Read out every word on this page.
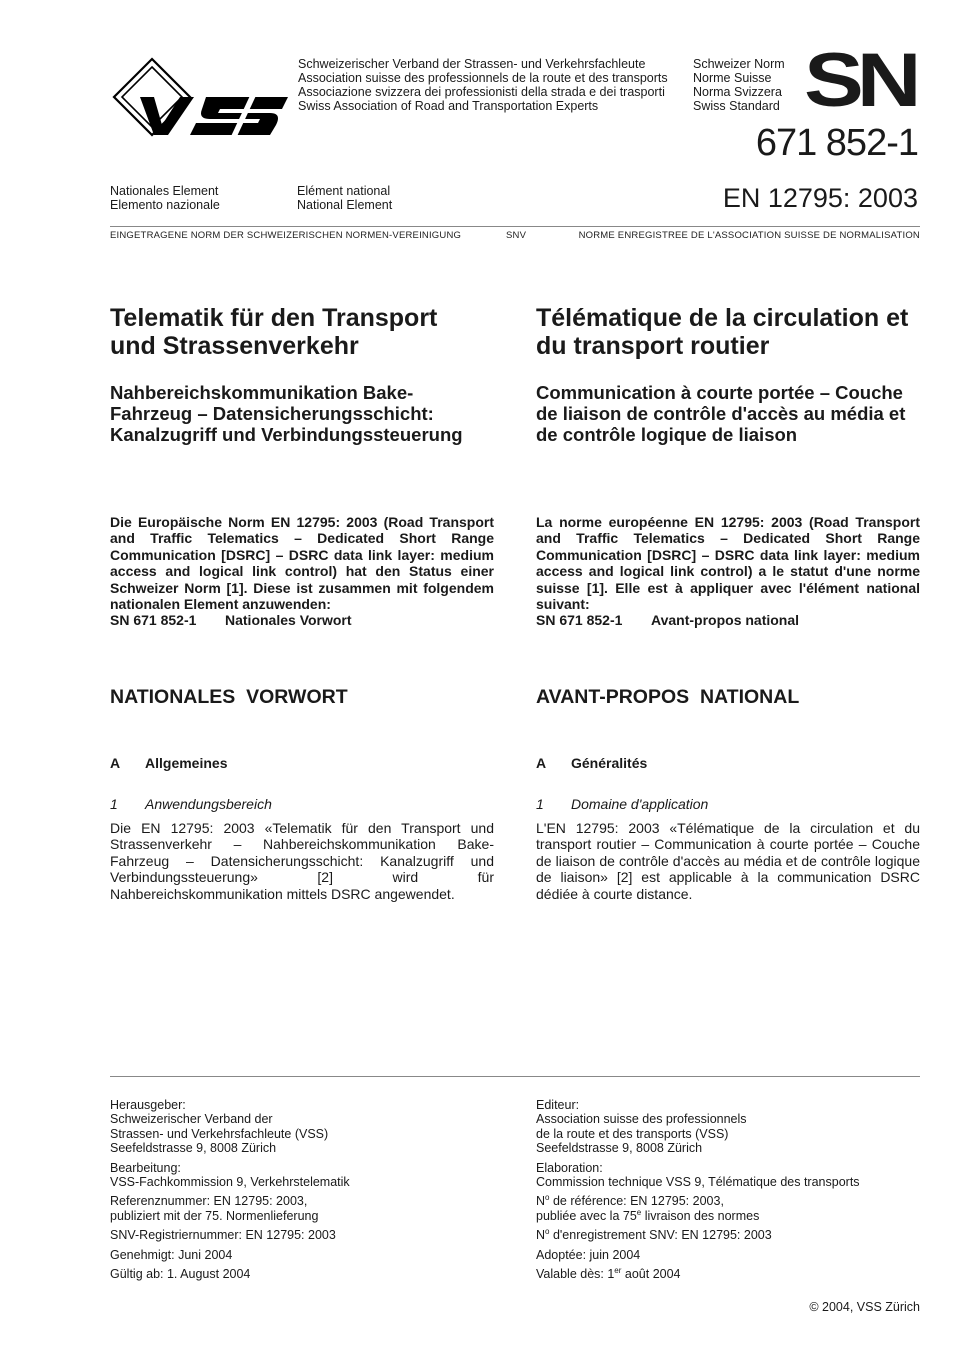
Schweizerischer Verband der Strassen- und Verkehrsfachleute
Association suisse des professionnels de la route et des transports
Associazione svizzera dei professionisti della strada e dei trasporti
Swiss Association of Road and Transportation Experts
Schweizer Norm
Norme Suisse
Norma Svizzera
Swiss Standard SN
671 852-1
Nationales Element
Elemento nazionale
Elément national
National Element	EN 12795: 2003
EINGETRAGENE NORM DER SCHWEIZERISCHEN NORMEN-VEREINIGUNG	SNV	NORME ENREGISTREE DE L'ASSOCIATION SUISSE DE NORMALISATION
Telematik für den Transport und Strassenverkehr
Nahbereichskommunikation Bake-Fahrzeug – Datensicherungsschicht: Kanalzugriff und Verbindungssteuerung
Die Europäische Norm EN 12795: 2003 (Road Transport and Traffic Telematics – Dedicated Short Range Communication [DSRC] – DSRC data link layer: medium access and logical link control) hat den Status einer Schweizer Norm [1]. Diese ist zusammen mit folgendem nationalen Element anzuwenden:
SN 671 852-1	Nationales Vorwort
NATIONALES  VORWORT
A	Allgemeines
1	Anwendungsbereich
Die EN 12795: 2003 «Telematik für den Transport und Strassenverkehr – Nahbereichskommunikation Bake-Fahrzeug – Datensicherungsschicht: Kanalzugriff und Verbindungssteuerung» [2] wird für Nahbereichskommunikation mittels DSRC angewendet.
Télématique de la circulation et du transport routier
Communication à courte portée – Couche de liaison de contrôle d'accès au média et de contrôle logique de liaison
La norme européenne EN 12795: 2003 (Road Transport and Traffic Telematics – Dedicated Short Range Communication [DSRC] – DSRC data link layer: medium access and logical link control) a le statut d'une norme suisse [1]. Elle est à appliquer avec l'élément national suivant:
SN 671 852-1	Avant-propos national
AVANT-PROPOS  NATIONAL
A	Généralités
1	Domaine d'application
L'EN 12795: 2003 «Télématique de la circulation et du transport routier – Communication à courte portée – Couche de liaison de contrôle d'accès au média et de contrôle logique de liaison» [2] est applicable à la communication DSRC dédiée à courte distance.
Herausgeber:
Schweizerischer Verband der
Strassen- und Verkehrsfachleute (VSS)
Seefeldstrasse 9, 8008 Zürich
Bearbeitung:
VSS-Fachkommission 9, Verkehrstelematik
Referenznummer: EN 12795: 2003,
publiziert mit der 75. Normenlieferung
SNV-Registriernummer: EN 12795: 2003
Genehmigt: Juni 2004
Gültig ab: 1. August 2004
Editeur:
Association suisse des professionnels
de la route et des transports (VSS)
Seefeldstrasse 9, 8008 Zürich
Elaboration:
Commission technique VSS 9, Télématique des transports
$N^o$ de référence: EN 12795: 2003,
publiée avec la 75e livraison des normes
$N^o$ d'enregistrement SNV: EN 12795: 2003
Adoptée: juin 2004
Valable dès: 1er août 2004
© 2004, VSS Zürich
